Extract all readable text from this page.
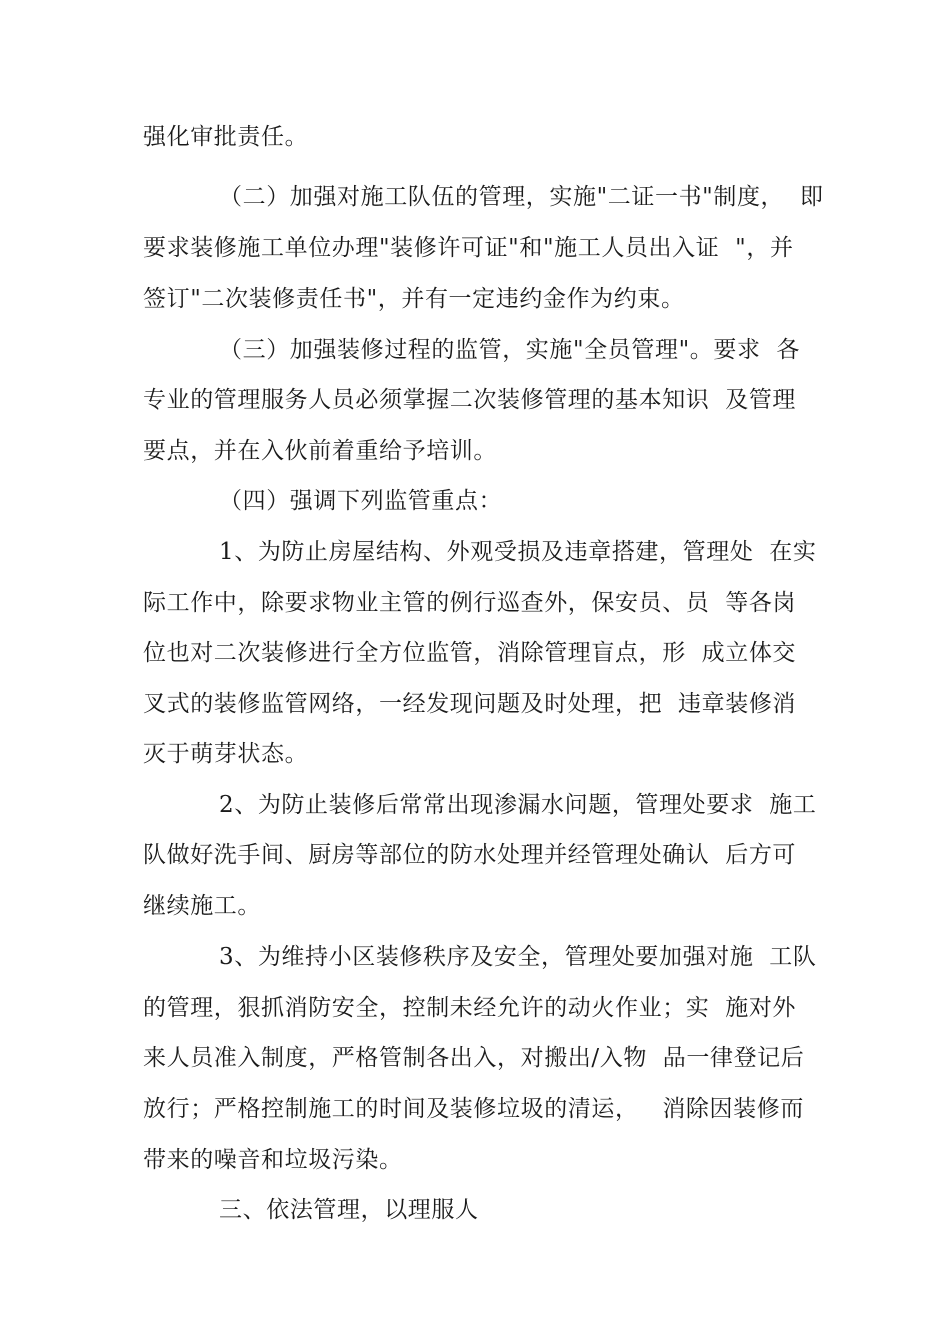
强化审批责任。
（二）加强对施工队伍的管理，实施"二证一书"制度，  即
要求装修施工单位办理"装修许可证"和"施工人员出入证  "，并
签订"二次装修责任书"，并有一定违约金作为约束。
（三）加强装修过程的监管，实施"全员管理"。要求  各
专业的管理服务人员必须掌握二次装修管理的基本知识  及管理
要点，并在入伙前着重给予培训。
（四）强调下列监管重点：
1、为防止房屋结构、外观受损及违章搭建，管理处  在实
际工作中，除要求物业主管的例行巡查外，保安员、员  等各岗
位也对二次装修进行全方位监管，消除管理盲点，形  成立体交
叉式的装修监管网络，一经发现问题及时处理，把  违章装修消
灭于萌芽状态。
2、为防止装修后常常出现渗漏水问题，管理处要求  施工
队做好洗手间、厨房等部位的防水处理并经管理处确认  后方可
继续施工。
3、为维持小区装修秩序及安全，管理处要加强对施  工队
的管理，狠抓消防安全，控制未经允许的动火作业；实  施对外
来人员准入制度，严格管制各出入，对搬出/入物  品一律登记后
放行；严格控制施工的时间及装修垃圾的清运，   消除因装修而
带来的噪音和垃圾污染。
三、依法管理，以理服人
